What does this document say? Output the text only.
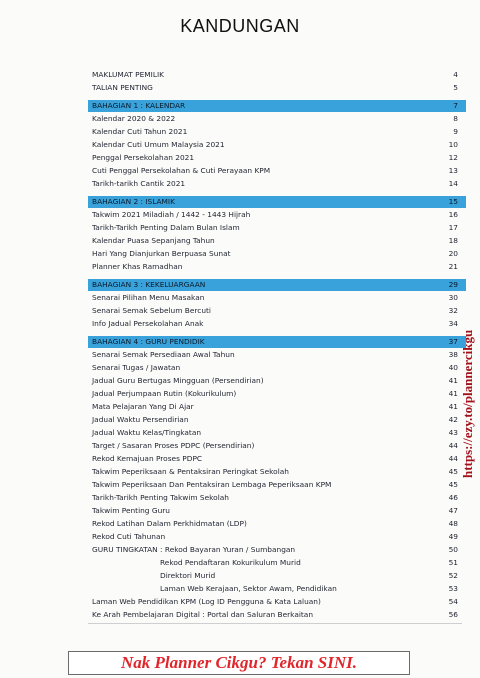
KANDUNGAN
MAKLUMAT PEMILIK	4
TALIAN PENTING	5
BAHAGIAN 1 : KALENDAR	7
Kalendar 2020 & 2022	8
Kalendar Cuti Tahun 2021	9
Kalendar Cuti Umum Malaysia 2021	10
Penggal Persekolahan 2021	12
Cuti Penggal Persekolahan & Cuti Perayaan KPM	13
Tarikh-tarikh Cantik 2021	14
BAHAGIAN 2 : ISLAMIK	15
Takwim 2021 Miladiah / 1442 - 1443 Hijrah	16
Tarikh-Tarikh Penting Dalam Bulan Islam	17
Kalendar Puasa Sepanjang Tahun	18
Hari Yang Dianjurkan Berpuasa Sunat	20
Planner Khas Ramadhan	21
BAHAGIAN 3 : KEKELUARGAAN	29
Senarai Pilihan Menu Masakan	30
Senarai Semak Sebelum Bercuti	32
Info Jadual Persekolahan Anak	34
BAHAGIAN 4 : GURU PENDIDIK	37
Senarai Semak Persediaan Awal Tahun	38
Senarai Tugas / Jawatan	40
Jadual Guru Bertugas Mingguan (Persendirian)	41
Jadual Perjumpaan Rutin (Kokurikulum)	41
Mata Pelajaran Yang Di Ajar	41
Jadual Waktu Persendirian	42
Jadual Waktu Kelas/Tingkatan	43
Target / Sasaran Proses PDPC (Persendirian)	44
Rekod Kemajuan Proses PDPC	44
Takwim Peperiksaan & Pentaksiran Peringkat Sekolah	45
Takwim Peperiksaan Dan Pentaksiran Lembaga Peperiksaan KPM	45
Tarikh-Tarikh Penting Takwim Sekolah	46
Takwim Penting Guru	47
Rekod Latihan Dalam Perkhidmatan (LDP)	48
Rekod Cuti Tahunan	49
GURU TINGKATAN : Rekod Bayaran Yuran / Sumbangan	50
Rekod Pendaftaran Kokurikulum Murid	51
Direktori Murid	52
Laman Web Kerajaan, Sektor Awam, Pendidikan	53
Laman Web Pendidikan KPM (Log ID Pengguna & Kata Laluan)	54
Ke Arah Pembelajaran Digital : Portal dan Saluran Berkaitan	56
https://ezy.to/plannercikgu
Nak Planner Cikgu? Tekan SINI.
